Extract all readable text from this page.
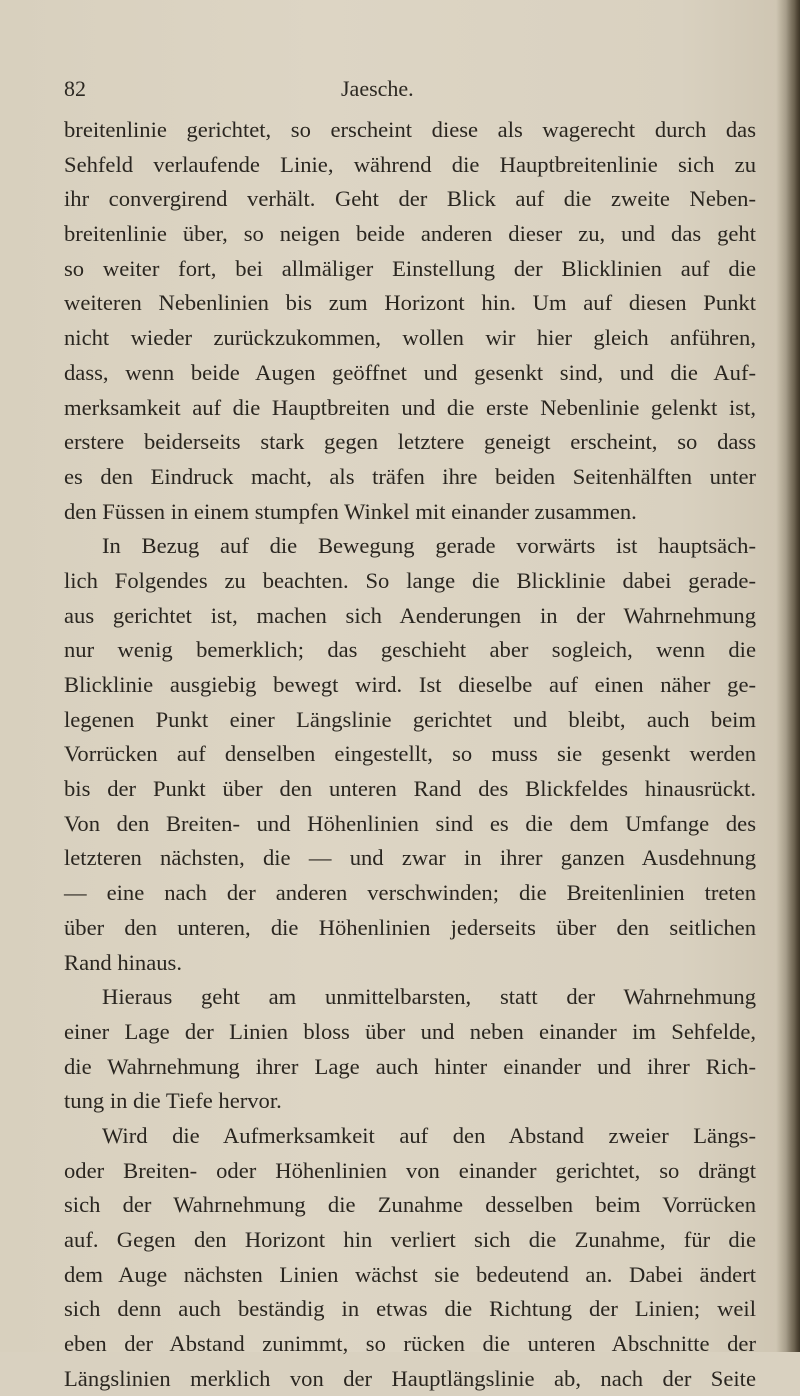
82	Jaesche.
breitenlinie gerichtet, so erscheint diese als wagerecht durch das
Sehfeld verlaufende Linie, während die Hauptbreitenlinie sich zu
ihr convergirend verhält. Geht der Blick auf die zweite Neben-
breitenlinie über, so neigen beide anderen dieser zu, und das geht
so weiter fort, bei allmäliger Einstellung der Blicklinien auf die
weiteren Nebenlinien bis zum Horizont hin. Um auf diesen Punkt
nicht wieder zurückzukommen, wollen wir hier gleich anführen,
dass, wenn beide Augen geöffnet und gesenkt sind, und die Auf-
merksamkeit auf die Hauptbreiten und die erste Nebenlinie gelenkt ist,
erstere beiderseits stark gegen letztere geneigt erscheint, so dass
es den Eindruck macht, als träfen ihre beiden Seitenhälften unter
den Füssen in einem stumpfen Winkel mit einander zusammen.
In Bezug auf die Bewegung gerade vorwärts ist hauptsäch-
lich Folgendes zu beachten. So lange die Blicklinie dabei gerade-
aus gerichtet ist, machen sich Aenderungen in der Wahrnehmung
nur wenig bemerklich; das geschieht aber sogleich, wenn die
Blicklinie ausgiebig bewegt wird. Ist dieselbe auf einen näher ge-
legenen Punkt einer Längslinie gerichtet und bleibt, auch beim
Vorrücken auf denselben eingestellt, so muss sie gesenkt werden
bis der Punkt über den unteren Rand des Blickfeldes hinausrückt.
Von den Breiten- und Höhenlinien sind es die dem Umfange des
letzteren nächsten, die — und zwar in ihrer ganzen Ausdehnung
— eine nach der anderen verschwinden; die Breitenlinien treten
über den unteren, die Höhenlinien jederseits über den seitlichen
Rand hinaus.
Hieraus geht am unmittelbarsten, statt der Wahrnehmung
einer Lage der Linien bloss über und neben einander im Sehfelde,
die Wahrnehmung ihrer Lage auch hinter einander und ihrer Rich-
tung in die Tiefe hervor.
Wird die Aufmerksamkeit auf den Abstand zweier Längs-
oder Breiten- oder Höhenlinien von einander gerichtet, so drängt
sich der Wahrnehmung die Zunahme desselben beim Vorrücken
auf. Gegen den Horizont hin verliert sich die Zunahme, für die
dem Auge nächsten Linien wächst sie bedeutend an. Dabei ändert
sich denn auch beständig in etwas die Richtung der Linien; weil
eben der Abstand zunimmt, so rücken die unteren Abschnitte der
Längslinien merklich von der Hauptlängslinie ab, nach der Seite
